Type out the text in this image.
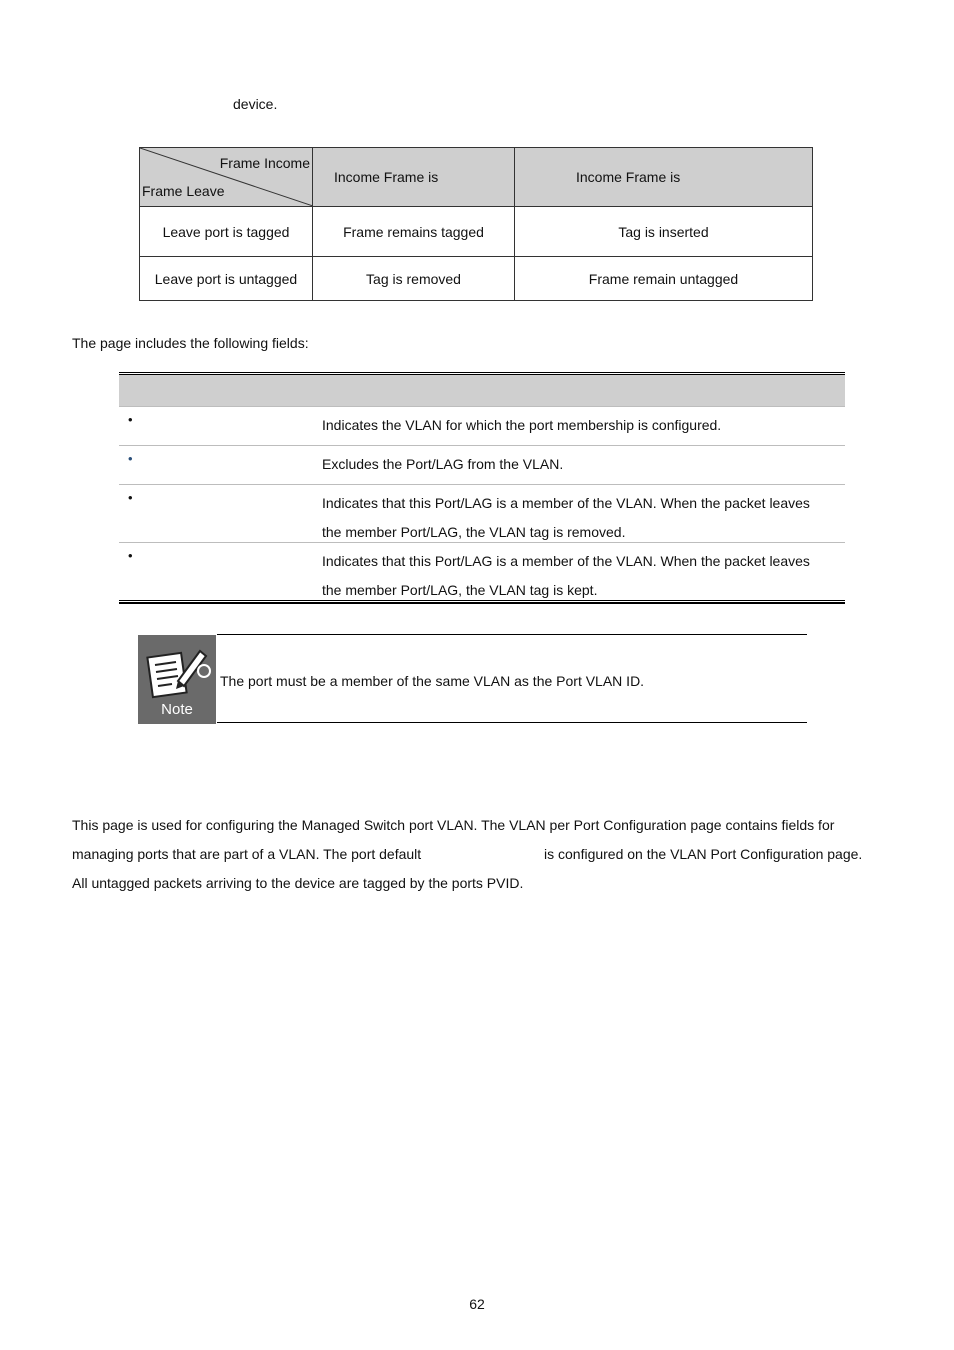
device.
Frame Income
Frame Leave	Income Frame is	Income Frame is
Leave port is tagged	Frame remains tagged	Tag is inserted
Leave port is untagged	Tag is removed	Frame remain untagged
The page includes the following fields:
•	Indicates the VLAN for which the port membership is configured.
•	Excludes the Port/LAG from the VLAN.
•	Indicates that this Port/LAG is a member of the VLAN. When the packet leaves
the member Port/LAG, the VLAN tag is removed.
•	Indicates that this Port/LAG is a member of the VLAN. When the packet leaves
the member Port/LAG, the VLAN tag is kept.
Note
The port must be a member of the same VLAN as the Port VLAN ID.
This page is used for configuring the Managed Switch port VLAN. The VLAN per Port Configuration page contains fields for
managing ports that are part of a VLAN. The port default	is configured on the VLAN Port Configuration page.
All untagged packets arriving to the device are tagged by the ports PVID.
62
